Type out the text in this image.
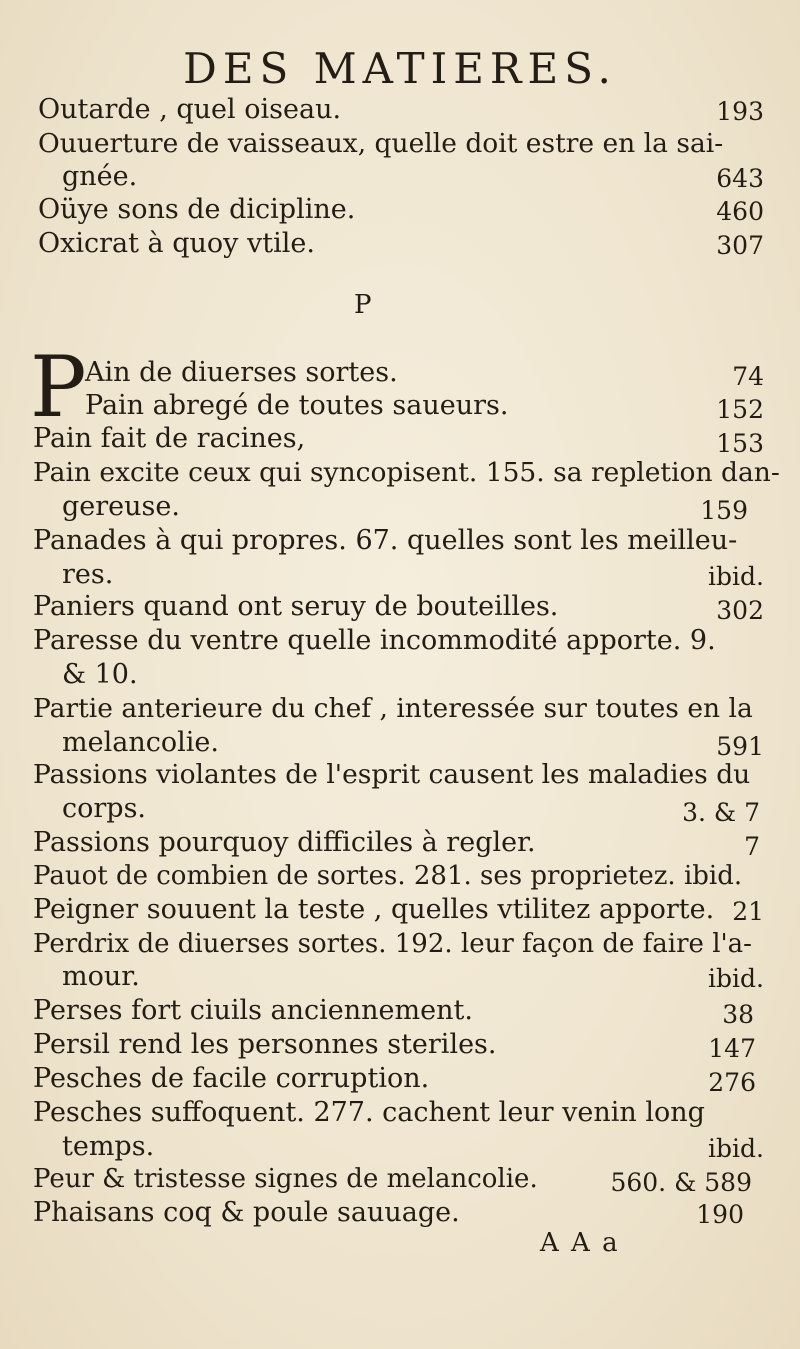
DES MATIERES.
Outarde , quel oiseau.	193
Ouuerture de vaisseaux, quelle doit estre en la sai-
gnée.	643
Oüye sons de dicipline.	460
Oxicrat à quoy vtile.	307
P
P
Ain de diuerses sortes.	74
Pain abregé de toutes saueurs.	152
Pain fait de racines,	153
Pain excite ceux qui syncopisent. 155. sa repletion dan-
gereuse.	159
Panades à qui propres. 67. quelles sont les meilleu-
res.	ibid.
Paniers quand ont seruy de bouteilles.	302
Paresse du ventre quelle incommodité apporte. 9.
& 10.
Partie anterieure du chef , interessée sur toutes en la
melancolie.	591
Passions violantes de l'esprit causent les maladies du
corps.	3. & 7
Passions pourquoy difficiles à regler.	7
Pauot de combien de sortes. 281. ses proprietez. ibid.
Peigner souuent la teste , quelles vtilitez apporte. 21
Perdrix de diuerses sortes. 192. leur façon de faire l'a-
mour.	ibid.
Perses fort ciuils anciennement.	38
Persil rend les personnes steriles.	147
Pesches de facile corruption.	276
Pesches suffoquent. 277. cachent leur venin long
temps.	ibid.
Peur & tristesse signes de melancolie.	560. & 589
Phaisans coq & poule sauuage.	190
A A a
